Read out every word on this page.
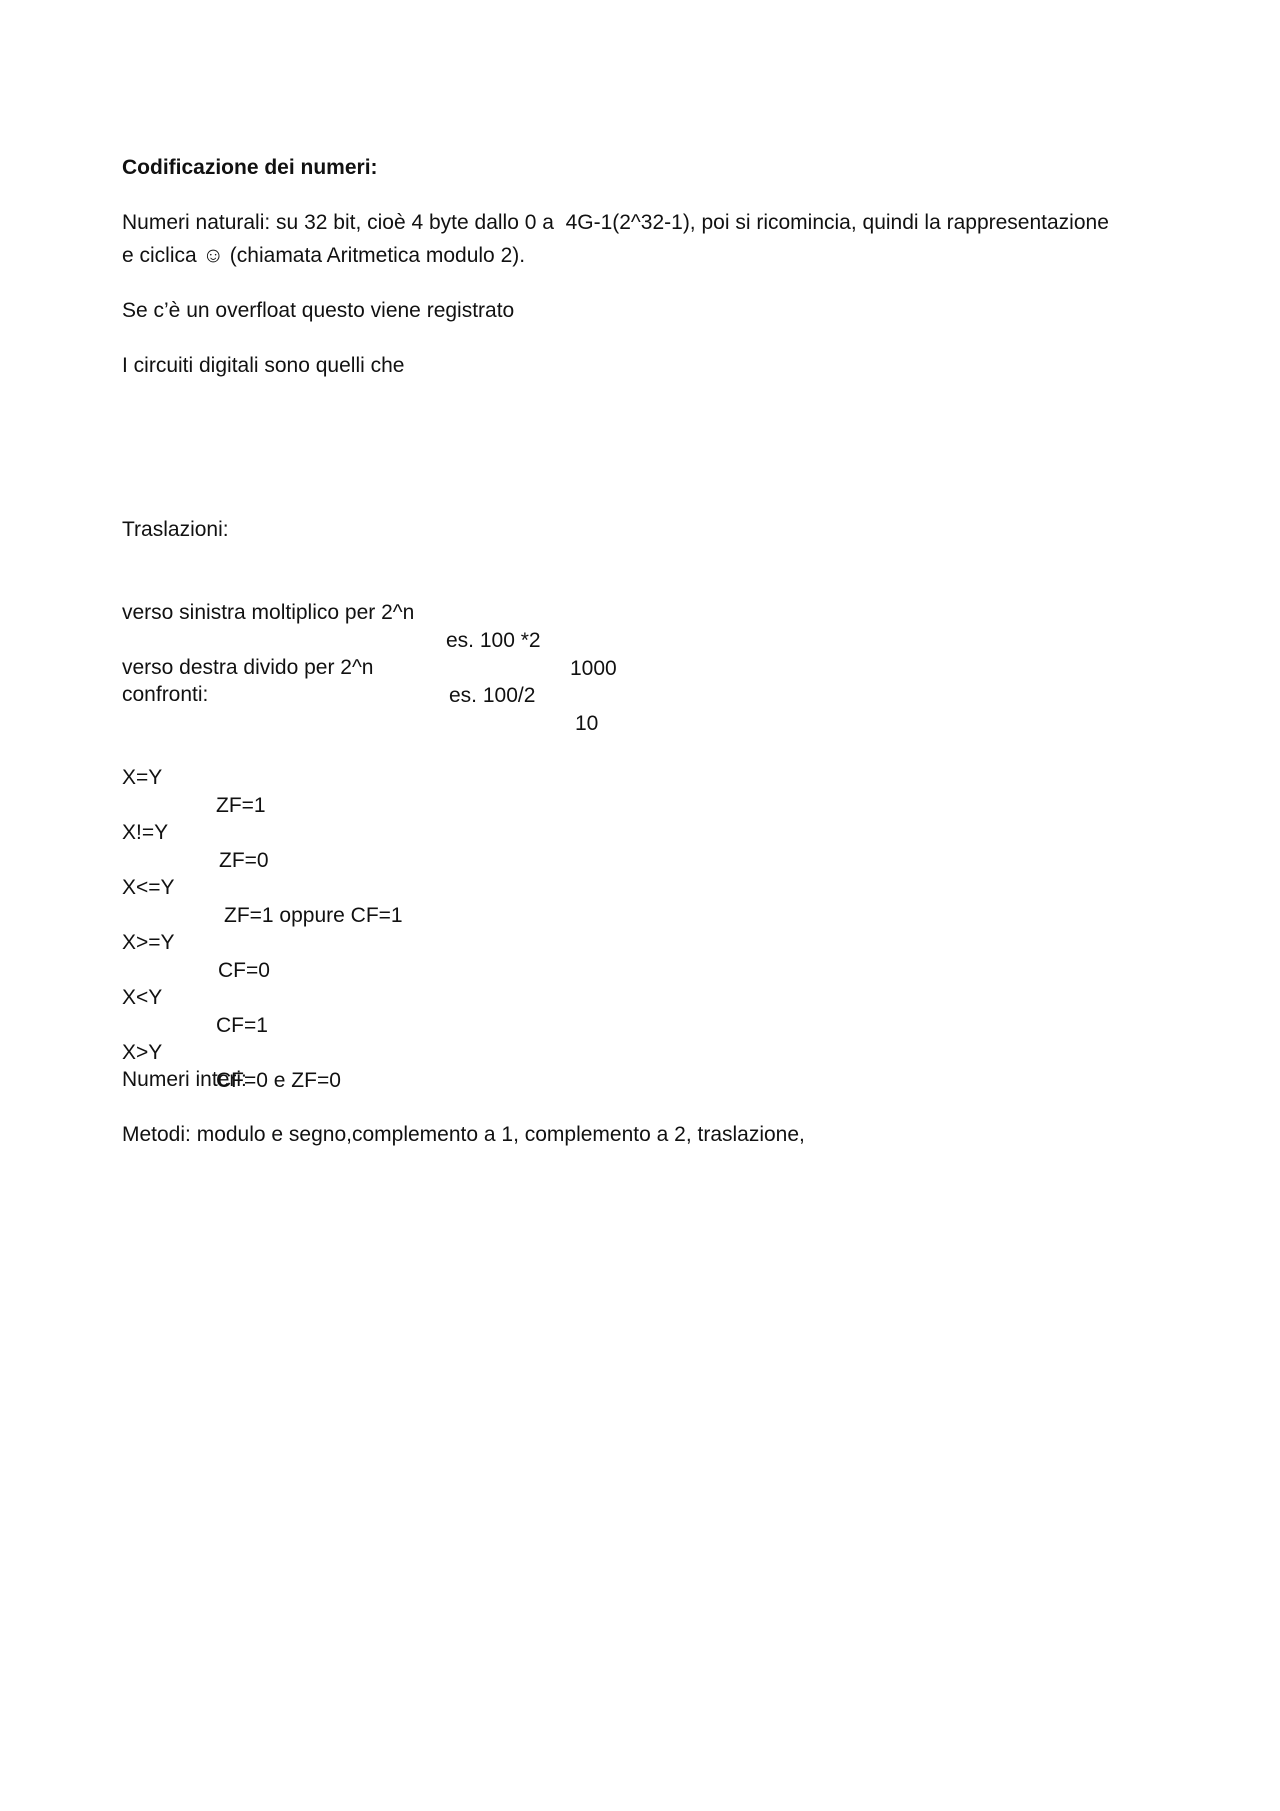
Codificazione dei numeri:

Numeri naturali: su 32 bit, cioè 4 byte dallo 0 a  4G-1(2^32-1), poi si ricomincia, quindi la rappresentazione

e ciclica ☺ (chiamata Aritmetica modulo 2).

Se c’è un overfloat questo viene registrato

I circuiti digitali sono quelli che

Traslazioni:

verso sinistra moltiplico per 2^n

es. 100 *2

1000

verso destra divido per 2^n

es. 100/2

10

confronti:

X=Y

ZF=1

X!=Y

ZF=0

X<=Y

ZF=1 oppure CF=1

X>=Y

CF=0

X<Y

CF=1

X>Y

CF=0 e ZF=0

Numeri interi:

Metodi: modulo e segno,complemento a 1, complemento a 2, traslazione,
